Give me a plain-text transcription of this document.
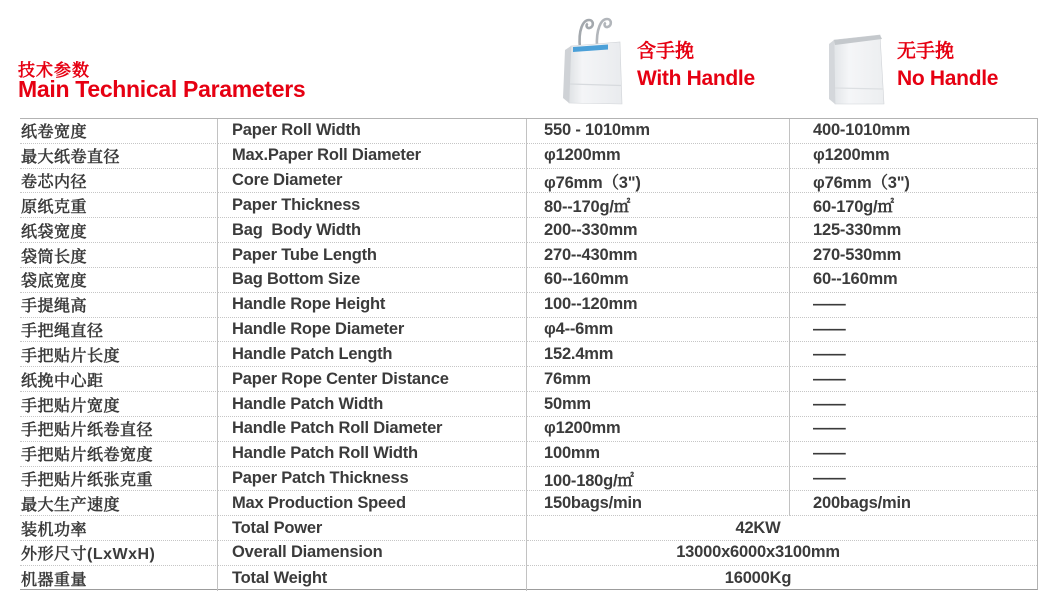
技术参数
Main Technical Parameters
含手挽
With Handle
无手挽
No Handle
纸卷宽度	Paper Roll Width	550 - 1010mm	400-1010mm
最大纸卷直径	Max.Paper Roll Diameter	φ1200mm	φ1200mm
卷芯内径	Core Diameter	φ76mm（3")	φ76mm（3")
原纸克重	Paper Thickness	80--170g/㎡	60-170g/㎡
纸袋宽度	Bag  Body Width	200--330mm	125-330mm
袋筒长度	Paper Tube Length	270--430mm	270-530mm
袋底宽度	Bag Bottom Size	60--160mm	60--160mm
手提绳高	Handle Rope Height	100--120mm	——
手把绳直径	Handle Rope Diameter	φ4--6mm	——
手把贴片长度	Handle Patch Length	152.4mm	——
纸挽中心距	Paper Rope Center Distance	76mm	——
手把贴片宽度	Handle Patch Width	50mm	——
手把贴片纸卷直径	Handle Patch Roll Diameter	φ1200mm	——
手把贴片纸卷宽度	Handle Patch Roll Width	100mm	——
手把贴片纸张克重	Paper Patch Thickness	100-180g/㎡	——
最大生产速度	Max Production Speed	150bags/min	200bags/min
装机功率	Total Power	42KW
外形尺寸(LxWxH)	Overall Diamension	13000x6000x3100mm
机器重量	Total Weight	16000Kg
